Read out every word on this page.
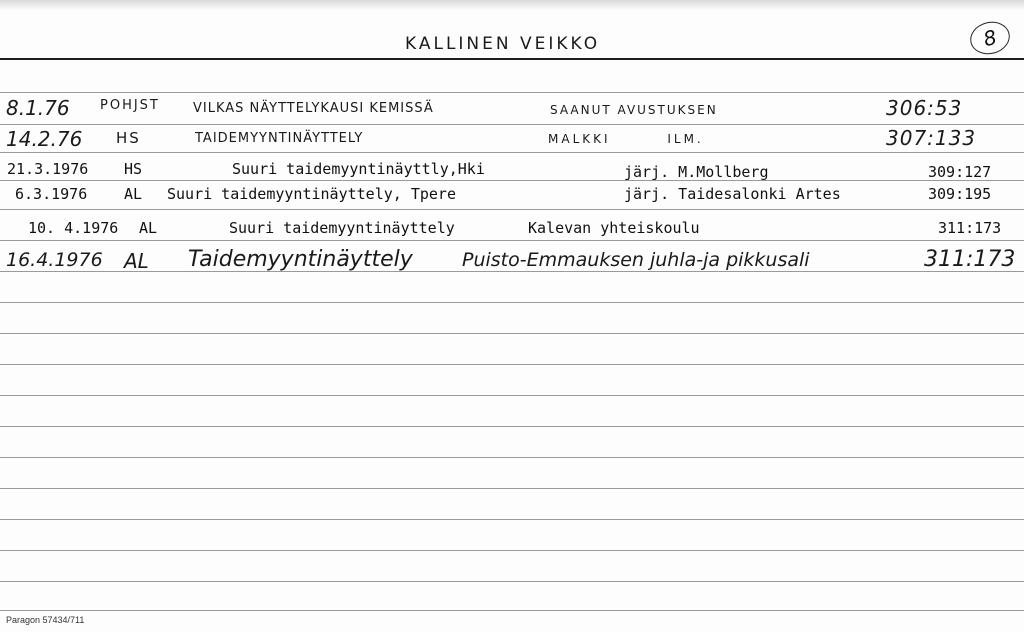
KALLINEN VEIKKO	8
8.1.76 POHJST	VILKAS NÄYTTELYKAUSI KEMISSÄ	SAANUT AVUSTUKSEN	306:53
14.2.76 HS	TAIDEMYYNTINÄYTTELY	MALKKI ILM.	307:133
21.3.1976 HS	Suuri taidemyyntinäyttly,Hki	järj. M.Mollberg	309:127
6.3.1976 AL Suuri taidemyyntinäyttely, Tpere	järj. Taidesalonki Artes	309:195
10. 4.1976 AL	Suuri taidemyyntinäyttely	Kalevan yhteiskoulu	311:173
16.4.1976 AL Taidemyyntinäyttely	Puisto-Emmauksen juhla-ja pikkusali	311:173
Paragon 57434/711
